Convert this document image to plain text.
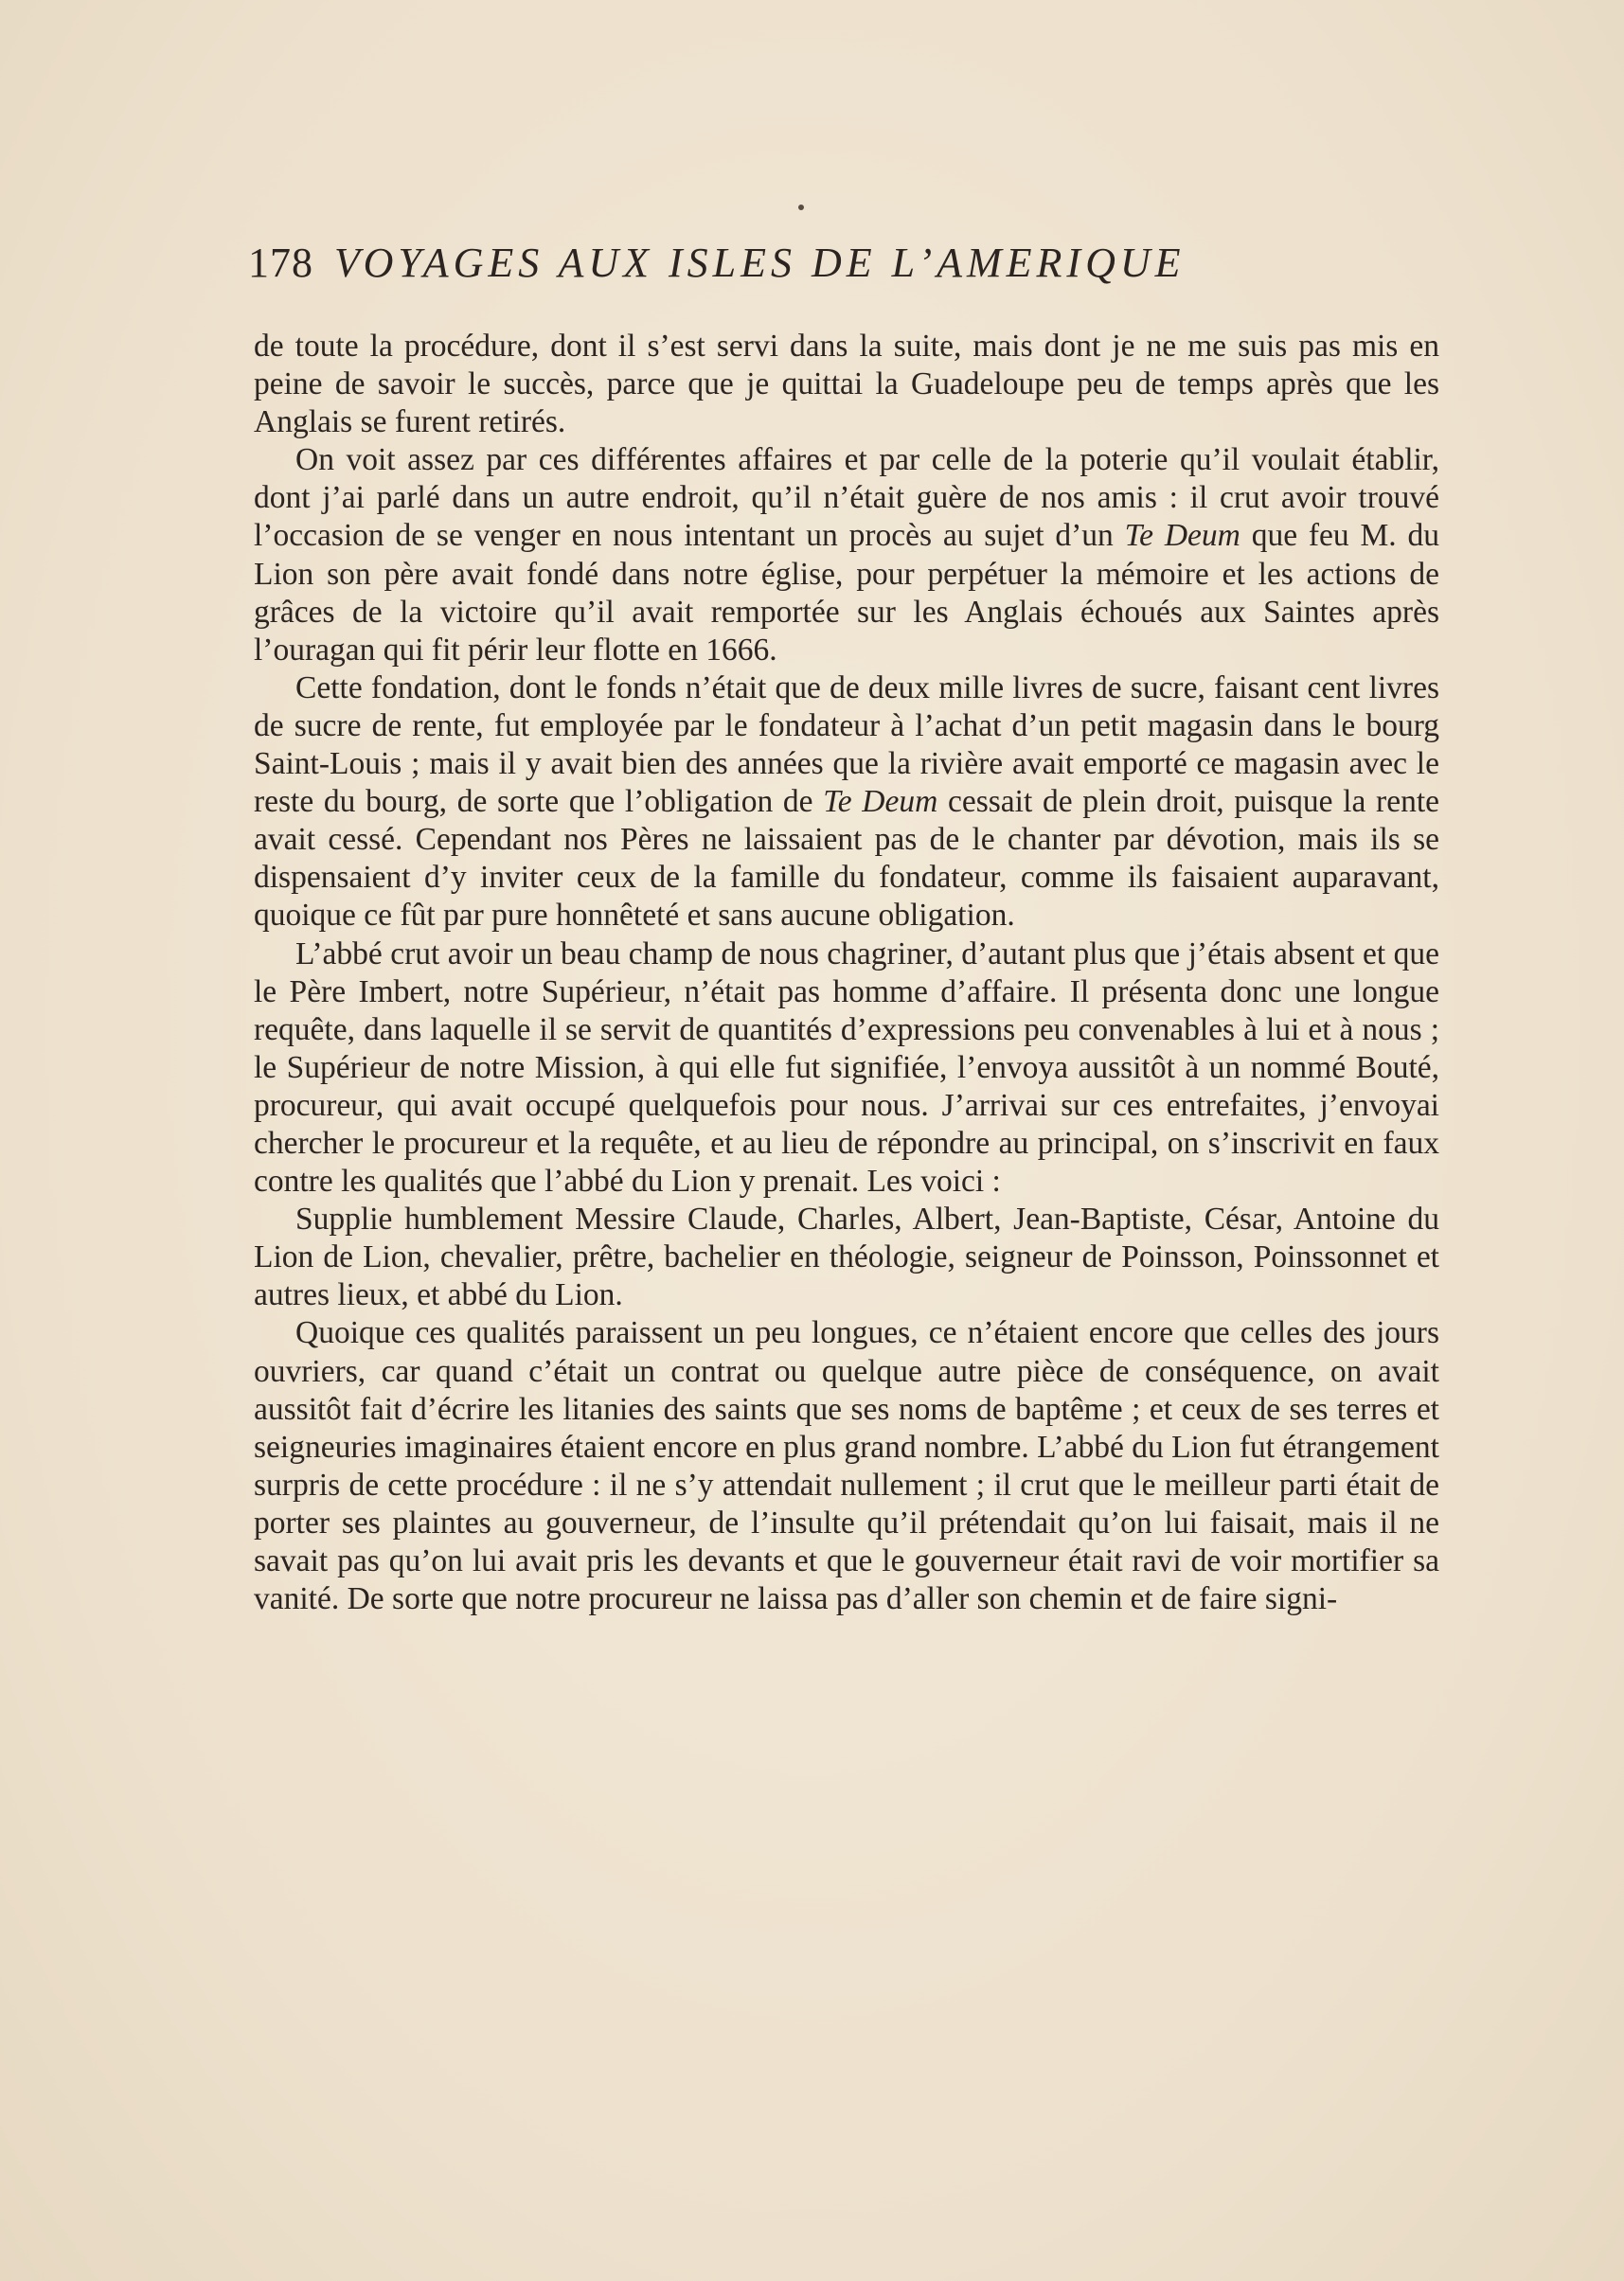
178 VOYAGES AUX ISLES DE L’AMERIQUE

de toute la procédure, dont il s’est servi dans la suite, mais dont je ne me suis pas mis en peine de savoir le succès, parce que je quittai la Guadeloupe peu de temps après que les Anglais se furent retirés.

On voit assez par ces différentes affaires et par celle de la poterie qu’il voulait établir, dont j’ai parlé dans un autre endroit, qu’il n’était guère de nos amis : il crut avoir trouvé l’occasion de se venger en nous intentant un procès au sujet d’un Te Deum que feu M. du Lion son père avait fondé dans notre église, pour perpétuer la mémoire et les actions de grâces de la victoire qu’il avait remportée sur les Anglais échoués aux Saintes après l’ouragan qui fit périr leur flotte en 1666.

Cette fondation, dont le fonds n’était que de deux mille livres de sucre, faisant cent livres de sucre de rente, fut employée par le fondateur à l’achat d’un petit magasin dans le bourg Saint-Louis ; mais il y avait bien des années que la rivière avait emporté ce magasin avec le reste du bourg, de sorte que l’obligation de Te Deum cessait de plein droit, puisque la rente avait cessé. Cependant nos Pères ne laissaient pas de le chanter par dévotion, mais ils se dispensaient d’y inviter ceux de la famille du fondateur, comme ils faisaient auparavant, quoique ce fût par pure honnêteté et sans aucune obligation.

L’abbé crut avoir un beau champ de nous chagriner, d’autant plus que j’étais absent et que le Père Imbert, notre Supérieur, n’était pas homme d’affaire. Il présenta donc une longue requête, dans laquelle il se servit de quantités d’expressions peu convenables à lui et à nous ; le Supérieur de notre Mission, à qui elle fut signifiée, l’envoya aussitôt à un nommé Bouté, procureur, qui avait occupé quelquefois pour nous. J’arrivai sur ces entrefaites, j’envoyai chercher le procureur et la requête, et au lieu de répondre au principal, on s’inscrivit en faux contre les qualités que l’abbé du Lion y prenait. Les voici :

Supplie humblement Messire Claude, Charles, Albert, Jean-Baptiste, César, Antoine du Lion de Lion, chevalier, prêtre, bachelier en théologie, seigneur de Poinsson, Poinssonnet et autres lieux, et abbé du Lion.

Quoique ces qualités paraissent un peu longues, ce n’étaient encore que celles des jours ouvriers, car quand c’était un contrat ou quelque autre pièce de conséquence, on avait aussitôt fait d’écrire les litanies des saints que ses noms de baptême ; et ceux de ses terres et seigneuries imaginaires étaient encore en plus grand nombre. L’abbé du Lion fut étrangement surpris de cette procédure : il ne s’y attendait nullement ; il crut que le meilleur parti était de porter ses plaintes au gouverneur, de l’insulte qu’il prétendait qu’on lui faisait, mais il ne savait pas qu’on lui avait pris les devants et que le gouverneur était ravi de voir mortifier sa vanité. De sorte que notre procureur ne laissa pas d’aller son chemin et de faire signi-
